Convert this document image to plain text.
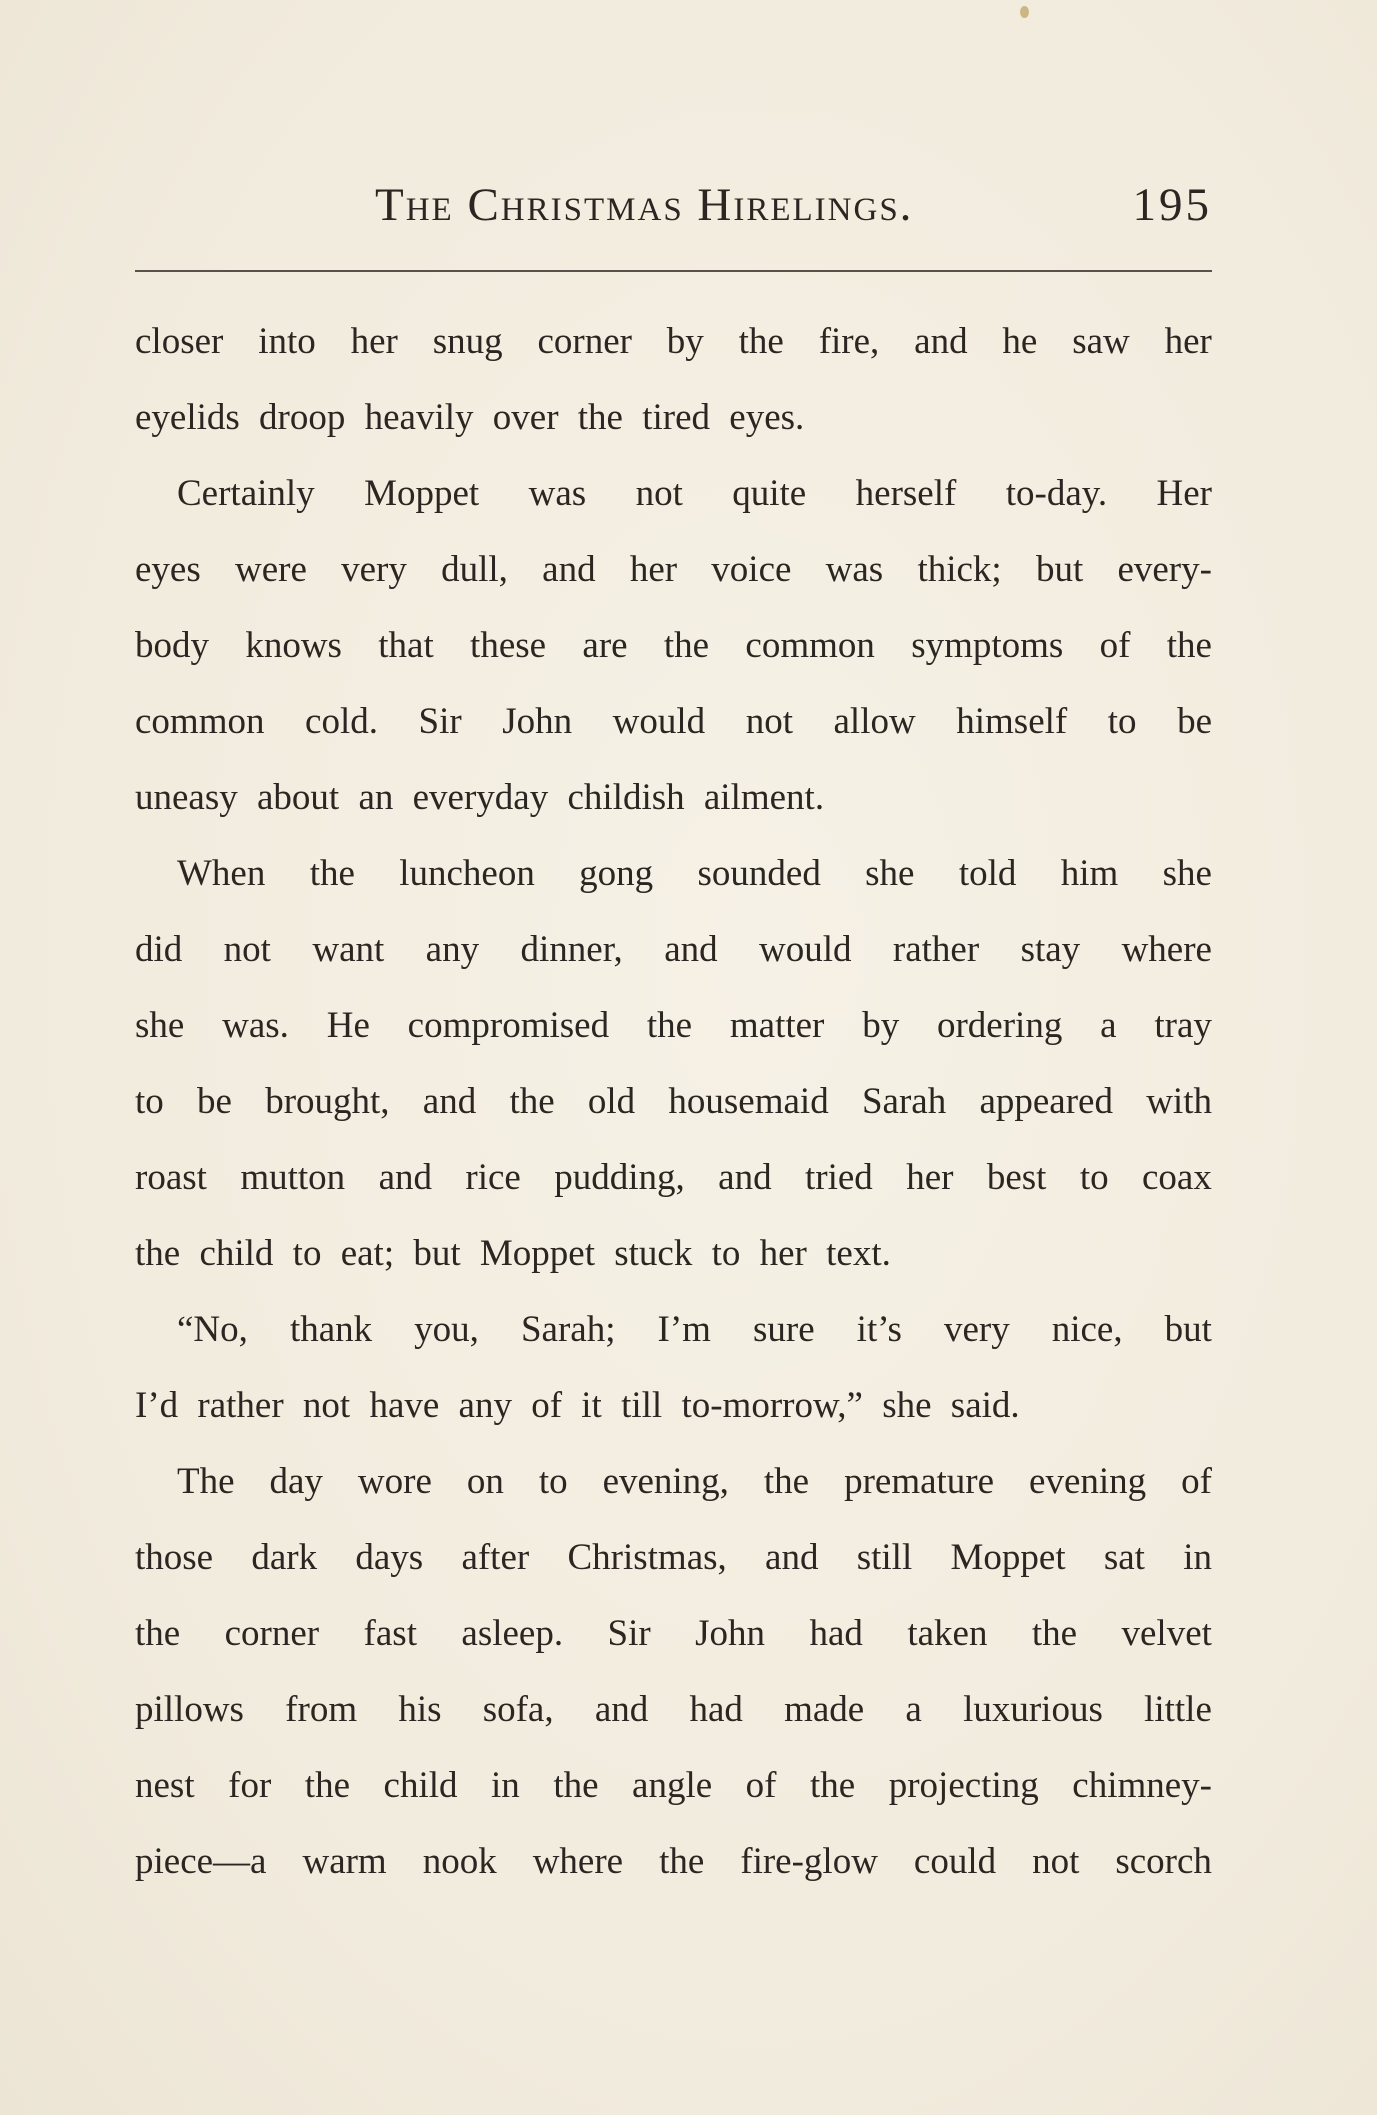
The Christmas Hirelings.	195
closer into her snug corner by the fire, and he saw her
eyelids droop heavily over the tired eyes.
Certainly Moppet was not quite herself to-day. Her
eyes were very dull, and her voice was thick; but every-
body knows that these are the common symptoms of the
common cold. Sir John would not allow himself to be
uneasy about an everyday childish ailment.
When the luncheon gong sounded she told him she
did not want any dinner, and would rather stay where
she was. He compromised the matter by ordering a tray
to be brought, and the old housemaid Sarah appeared with
roast mutton and rice pudding, and tried her best to coax
the child to eat; but Moppet stuck to her text.
“No, thank you, Sarah; I’m sure it’s very nice, but
I’d rather not have any of it till to-morrow,” she said.
The day wore on to evening, the premature evening of
those dark days after Christmas, and still Moppet sat in
the corner fast asleep. Sir John had taken the velvet
pillows from his sofa, and had made a luxurious little
nest for the child in the angle of the projecting chimney-
piece—a warm nook where the fire-glow could not scorch
